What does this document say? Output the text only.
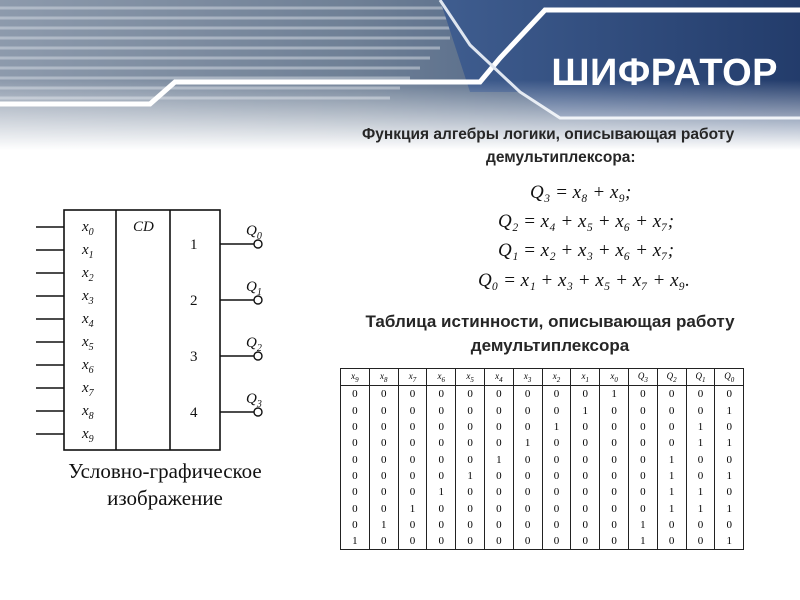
ШИФРАТОР
Функция алгебры логики, описывающая работу
демультиплексора:
Q₃ = x₈ + x₉;
Q₂ = x₄ + x₅ + x₆ + x₇;
Q₁ = x₂ + x₃ + x₆ + x₇;
Q₀ = x₁ + x₃ + x₅ + x₇ + x₉.
Таблица истинности, описывающая работу
демультиплексора
CD
$x_0$
$x_1$
$x_2$
$x_3$
$x_4$
$x_5$
$x_6$
$x_7$
$x_8$
$x_9$
1
$Q_0$
2
$Q_1$
3
$Q_2$
4
$Q_3$
Условно-графическое
изображение
$x_9$	$x_8$	$x_7$	$x_6$	$x_5$	$x_4$	$x_3$	$x_2$	$x_1$	$x_0$	$Q_3$	$Q_2$	$Q_1$	$Q_0$
0	0	0	0	0	0	0	0	0	1	0	0	0	0
0	0	0	0	0	0	0	0	1	0	0	0	0	1
0	0	0	0	0	0	0	1	0	0	0	0	1	0
0	0	0	0	0	0	1	0	0	0	0	0	1	1
0	0	0	0	0	1	0	0	0	0	0	1	0	0
0	0	0	0	1	0	0	0	0	0	0	1	0	1
0	0	0	1	0	0	0	0	0	0	0	1	1	0
0	0	1	0	0	0	0	0	0	0	0	1	1	1
0	1	0	0	0	0	0	0	0	0	1	0	0	0
1	0	0	0	0	0	0	0	0	0	1	0	0	1
